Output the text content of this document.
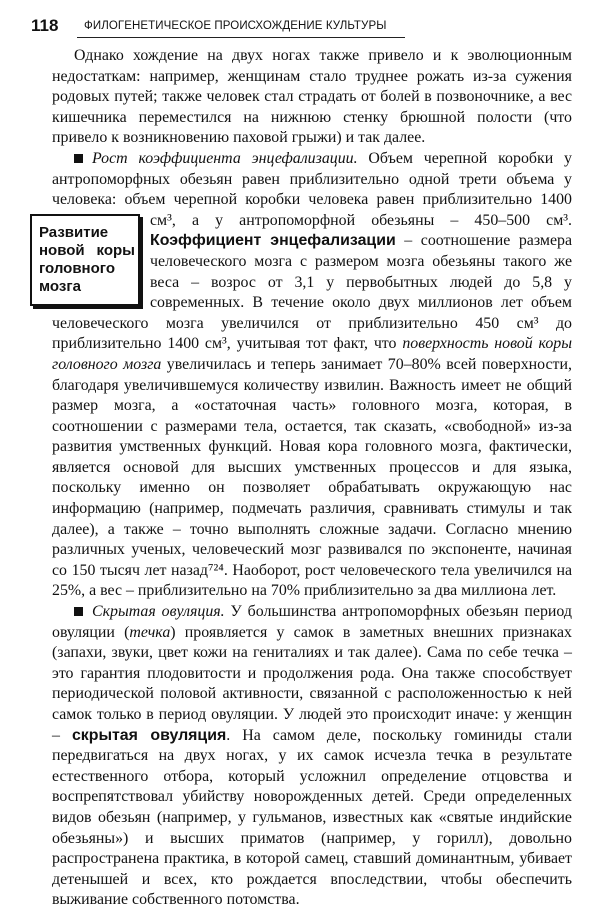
118 ФИЛОГЕНЕТИЧЕСКОЕ ПРОИСХОЖДЕНИЕ КУЛЬТУРЫ

Однако хождение на двух ногах также привело и к эволюционным недостаткам: например, женщинам стало труднее рожать из-за сужения родовых путей; также человек стал страдать от болей в позвоночнике, а вес кишечника переместился на нижнюю стенку брюшной полости (что привело к возникновению паховой грыжи) и так далее.

Рост коэффициента энцефализации. Объем черепной коробки у антропоморфных обезьян равен приблизительно одной трети объема у человека: объем черепной коробки человека равен приблизительно 1400 см³, а у антропоморфной обезьяны – 450–500 см³.
Развитие новой коры головного мозга
Коэффициент энцефализации – соотношение размера человеческого мозга с размером мозга обезьяны такого же веса – возрос от 3,1 у первобытных людей до 5,8 у современных. В течение около двух миллионов лет объем человеческого мозга увеличился от приблизительно 450 см³ до приблизительно 1400 см³, учитывая тот факт, что поверхность новой коры головного мозга увеличилась и теперь занимает 70–80% всей поверхности, благодаря увеличившемуся количеству извилин. Важность имеет не общий размер мозга, а «остаточная часть» головного мозга, которая, в соотношении с размерами тела, остается, так сказать, «свободной» из-за развития умственных функций. Новая кора головного мозга, фактически, является основой для высших умственных процессов и для языка, поскольку именно он позволяет обрабатывать окружающую нас информацию (например, подмечать различия, сравнивать стимулы и так далее), а также – точно выполнять сложные задачи. Согласно мнению различных ученых, человеческий мозг развивался по экспоненте, начиная со 150 тысяч лет назад⁷²⁴. Наоборот, рост человеческого тела увеличился на 25%, а вес – приблизительно на 70% приблизительно за два миллиона лет.

Скрытая овуляция. У большинства антропоморфных обезьян период овуляции (течка) проявляется у самок в заметных внешних признаках (запахи, звуки, цвет кожи на гениталиях и так далее). Сама по себе течка – это гарантия плодовитости и продолжения рода. Она также способствует периодической половой активности, связанной с расположенностью к ней самок только в период овуляции. У людей это происходит иначе: у женщин – скрытая овуляция. На самом деле, поскольку гоминиды стали передвигаться на двух ногах, у их самок исчезла течка в результате естественного отбора, который усложнил определение отцовства и воспрепятствовал убийству новорожденных детей. Среди определенных видов обезьян (например, у гульманов, известных как «святые индийские обезьяны») и высших приматов (например, у горилл), довольно распространена практика, в которой самец, ставший доминантным, убивает детенышей и всех, кто рождается впоследствии, чтобы обеспечить выживание собственного потомства.
